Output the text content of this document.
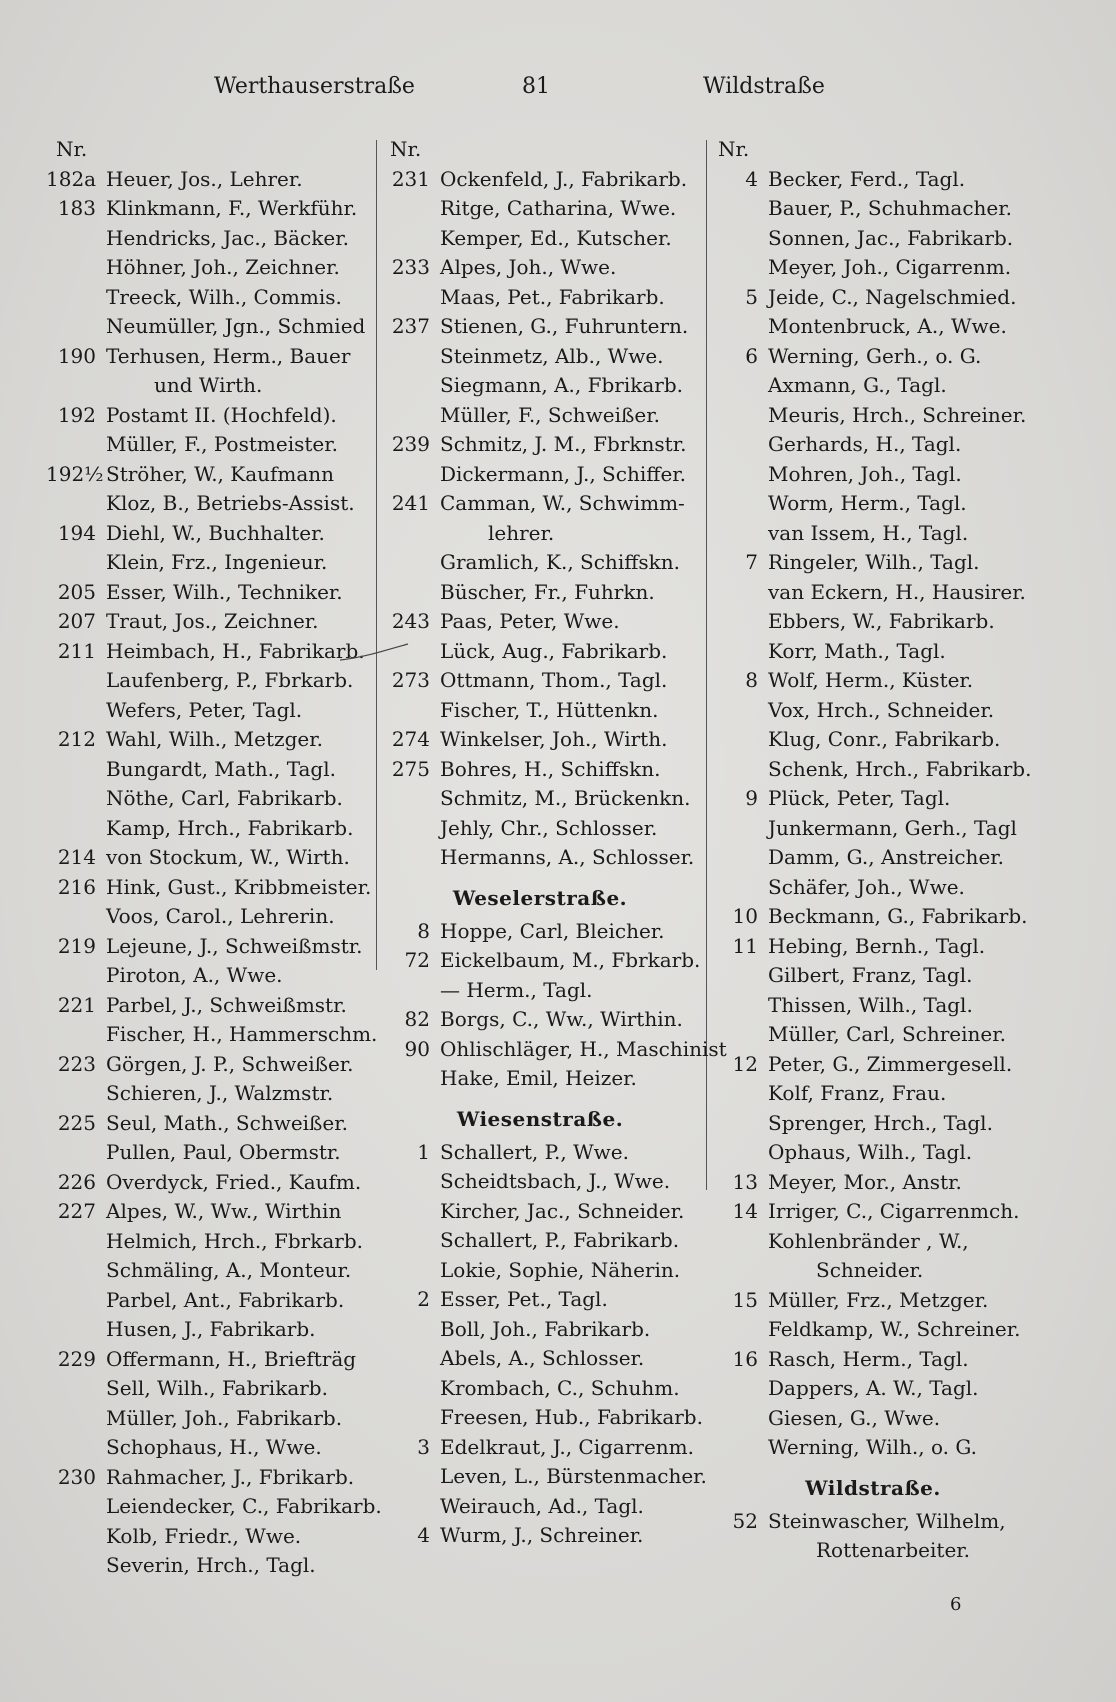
Werthauserstraße	81	Wildstraße
Nr.
182a Heuer, Jos., Lehrer.
183 Klinkmann, F., Werkführ.
Hendricks, Jac., Bäcker.
Höhner, Joh., Zeichner.
Treeck, Wilh., Commis.
Neumüller, Jgn., Schmied
190 Terhusen, Herm., Bauer
und Wirth.
192 Postamt II. (Hochfeld).
Müller, F., Postmeister.
192½ Ströher, W., Kaufmann
Kloz, B., Betriebs-Assist.
194 Diehl, W., Buchhalter.
Klein, Frz., Ingenieur.
205 Esser, Wilh., Techniker.
207 Traut, Jos., Zeichner.
211 Heimbach, H., Fabrikarb.
Laufenberg, P., Fbrkarb.
Wefers, Peter, Tagl.
212 Wahl, Wilh., Metzger.
Bungardt, Math., Tagl.
Nöthe, Carl, Fabrikarb.
Kamp, Hrch., Fabrikarb.
214 von Stockum, W., Wirth.
216 Hink, Gust., Kribbmeister.
Voos, Carol., Lehrerin.
219 Lejeune, J., Schweißmstr.
Piroton, A., Wwe.
221 Parbel, J., Schweißmstr.
Fischer, H., Hammerschm.
223 Görgen, J. P., Schweißer.
Schieren, J., Walzmstr.
225 Seul, Math., Schweißer.
Pullen, Paul, Obermstr.
226 Overdyck, Fried., Kaufm.
227 Alpes, W., Ww., Wirthin
Helmich, Hrch., Fbrkarb.
Schmäling, A., Monteur.
Parbel, Ant., Fabrikarb.
Husen, J., Fabrikarb.
229 Offermann, H., Briefträg
Sell, Wilh., Fabrikarb.
Müller, Joh., Fabrikarb.
Schophaus, H., Wwe.
230 Rahmacher, J., Fbrikarb.
Leiendecker, C., Fabrikarb.
Kolb, Friedr., Wwe.
Severin, Hrch., Tagl.
Nr.
231 Ockenfeld, J., Fabrikarb.
Ritge, Catharina, Wwe.
Kemper, Ed., Kutscher.
233 Alpes, Joh., Wwe.
Maas, Pet., Fabrikarb.
237 Stienen, G., Fuhruntern.
Steinmetz, Alb., Wwe.
Siegmann, A., Fbrikarb.
Müller, F., Schweißer.
239 Schmitz, J. M., Fbrknstr.
Dickermann, J., Schiffer.
241 Camman, W., Schwimm-
lehrer.
Gramlich, K., Schiffskn.
Büscher, Fr., Fuhrkn.
243 Paas, Peter, Wwe.
Lück, Aug., Fabrikarb.
273 Ottmann, Thom., Tagl.
Fischer, T., Hüttenkn.
274 Winkelser, Joh., Wirth.
275 Bohres, H., Schiffskn.
Schmitz, M., Brückenkn.
Jehly, Chr., Schlosser.
Hermanns, A., Schlosser.
Weselerstraße.
8 Hoppe, Carl, Bleicher.
72 Eickelbaum, M., Fbrkarb.
— Herm., Tagl.
82 Borgs, C., Ww., Wirthin.
90 Ohlischläger, H., Maschinist
Hake, Emil, Heizer.
Wiesenstraße.
1 Schallert, P., Wwe.
Scheidtsbach, J., Wwe.
Kircher, Jac., Schneider.
Schallert, P., Fabrikarb.
Lokie, Sophie, Näherin.
2 Esser, Pet., Tagl.
Boll, Joh., Fabrikarb.
Abels, A., Schlosser.
Krombach, C., Schuhm.
Freesen, Hub., Fabrikarb.
3 Edelkraut, J., Cigarrenm.
Leven, L., Bürstenmacher.
Weirauch, Ad., Tagl.
4 Wurm, J., Schreiner.
Nr.
4 Becker, Ferd., Tagl.
Bauer, P., Schuhmacher.
Sonnen, Jac., Fabrikarb.
Meyer, Joh., Cigarrenm.
5 Jeide, C., Nagelschmied.
Montenbruck, A., Wwe.
6 Werning, Gerh., o. G.
Axmann, G., Tagl.
Meuris, Hrch., Schreiner.
Gerhards, H., Tagl.
Mohren, Joh., Tagl.
Worm, Herm., Tagl.
van Issem, H., Tagl.
7 Ringeler, Wilh., Tagl.
van Eckern, H., Hausirer.
Ebbers, W., Fabrikarb.
Korr, Math., Tagl.
8 Wolf, Herm., Küster.
Vox, Hrch., Schneider.
Klug, Conr., Fabrikarb.
Schenk, Hrch., Fabrikarb.
9 Plück, Peter, Tagl.
Junkermann, Gerh., Tagl
Damm, G., Anstreicher.
Schäfer, Joh., Wwe.
10 Beckmann, G., Fabrikarb.
11 Hebing, Bernh., Tagl.
Gilbert, Franz, Tagl.
Thissen, Wilh., Tagl.
Müller, Carl, Schreiner.
12 Peter, G., Zimmergesell.
Kolf, Franz, Frau.
Sprenger, Hrch., Tagl.
Ophaus, Wilh., Tagl.
13 Meyer, Mor., Anstr.
14 Irriger, C., Cigarrenmch.
Kohlenbränder , W.,
Schneider.
15 Müller, Frz., Metzger.
Feldkamp, W., Schreiner.
16 Rasch, Herm., Tagl.
Dappers, A. W., Tagl.
Giesen, G., Wwe.
Werning, Wilh., o. G.
Wildstraße.
52 Steinwascher, Wilhelm,
Rottenarbeiter.
6
